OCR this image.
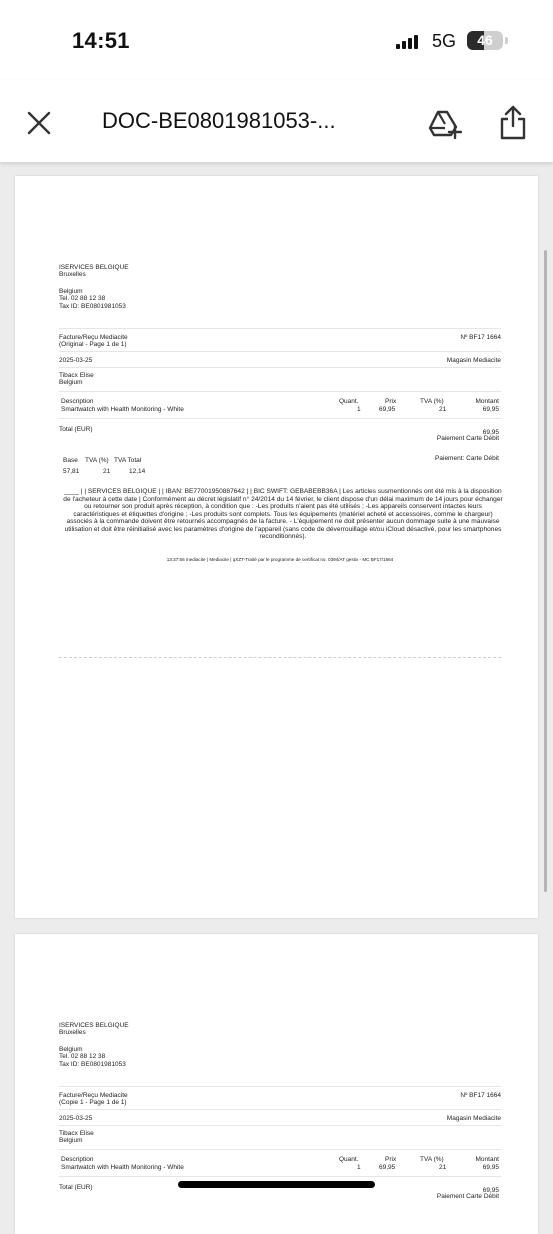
14:51	5G	46
DOC-BE0801981053-...
ISERVICES BELGIQUE
Bruxelles
Belgium
Tel. 02 88 12 38
Tax ID: BE0801981053
Facture/Reçu Mediacite	Nº BF17 1664
(Original - Page 1 de 1)
2025-03-25	Magasin Mediacite
Tibacx Elise
Belgium
Description	Quant.	Prix	TVA (%)	Montant
Smartwatch with Health Monitoring - White	1	69,95	21	69,95
Total (EUR)	69,95
Paiement Carte Débit
Base TVA (%) TVA Total	Paiement: Carte Débit
57,81	21	12,14
____ | | SERVICES BELGIQUE | | IBAN: BE77001950887642 | | BIC SWIFT: GEBABEBB36A | Les articles susmentionnés ont été mis à la disposition de l'acheteur à cette date | Conformément au décret législatif n° 24/2014 du 14 février, le client dispose d'un délai maximum de 14 jours pour échanger ou retourner son produit après réception, à condition que : -Les produits n'aient pas été utilisés ; -Les appareils conservent intactes leurs caractéristiques et étiquettes d'origine ; -Les produits sont complets. Tous les équipements (matériel acheté et accessoires, comme le chargeur) associés à la commande doivent être retournés accompagnés de la facture. - L'équipement ne doit présenter aucun dommage suite à une mauvaise utilisation et doit être réinitialisé avec les paramètres d'origine de l'appareil (sans code de déverrouillage et/ou iCloud désactivé, pour les smartphones reconditionnés).
13:37:56 mediacite | Mediacite | qXZT-Traité par le programme de certificat no. 0394/AT gestix - MC BF17/1664
ISERVICES BELGIQUE
Bruxelles
Belgium
Tel. 02 88 12 38
Tax ID: BE0801981053
Facture/Reçu Mediacite	Nº BF17 1664
(Copie 1 - Page 1 de 1)
2025-03-25	Magasin Mediacite
Tibacx Elise
Belgium
Description	Quant.	Prix	TVA (%)	Montant
Smartwatch with Health Monitoring - White	1	69,95	21	69,95
Total (EUR)	69,95
Paiement Carte Débit
